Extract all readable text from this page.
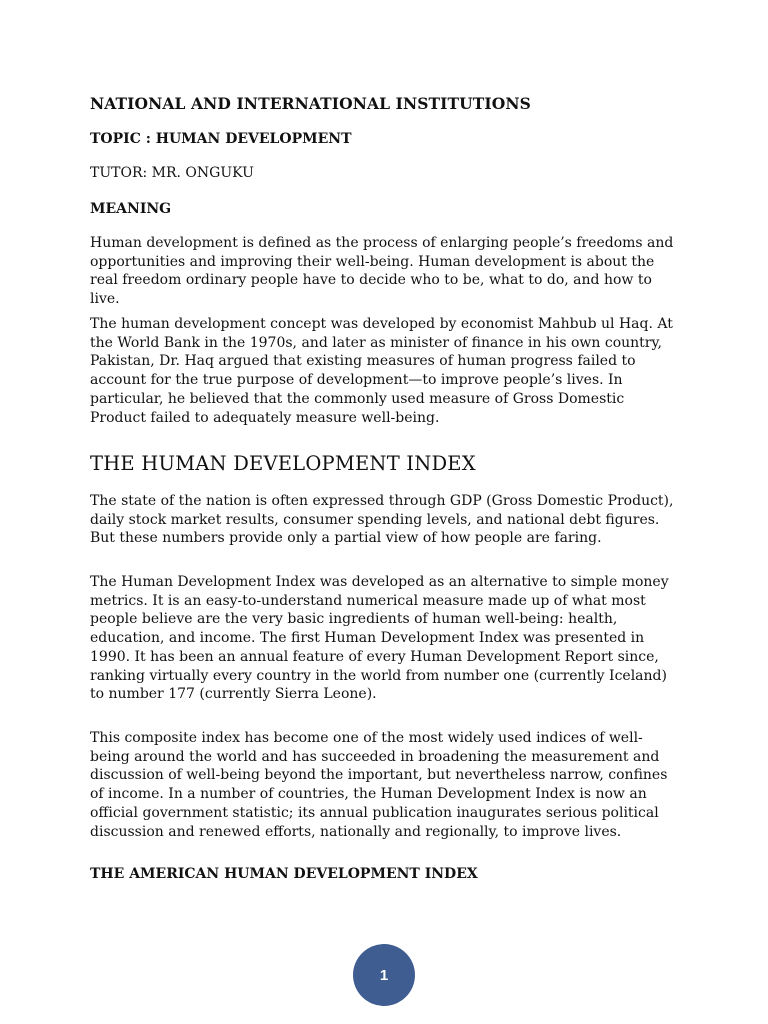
NATIONAL AND INTERNATIONAL INSTITUTIONS

TOPIC : HUMAN DEVELOPMENT

TUTOR: MR. ONGUKU

MEANING

Human development is defined as the process of enlarging people’s freedoms and opportunities and improving their well-being. Human development is about the real freedom ordinary people have to decide who to be, what to do, and how to live.

The human development concept was developed by economist Mahbub ul Haq. At the World Bank in the 1970s, and later as minister of finance in his own country, Pakistan, Dr. Haq argued that existing measures of human progress failed to account for the true purpose of development—to improve people’s lives. In particular, he believed that the commonly used measure of Gross Domestic Product failed to adequately measure well-being.

THE HUMAN DEVELOPMENT INDEX

The state of the nation is often expressed through GDP (Gross Domestic Product), daily stock market results, consumer spending levels, and national debt figures. But these numbers provide only a partial view of how people are faring.

The Human Development Index was developed as an alternative to simple money metrics. It is an easy-to-understand numerical measure made up of what most people believe are the very basic ingredients of human well-being: health, education, and income. The first Human Development Index was presented in 1990. It has been an annual feature of every Human Development Report since, ranking virtually every country in the world from number one (currently Iceland) to number 177 (currently Sierra Leone).

This composite index has become one of the most widely used indices of well-being around the world and has succeeded in broadening the measurement and discussion of well-being beyond the important, but nevertheless narrow, confines of income. In a number of countries, the Human Development Index is now an official government statistic; its annual publication inaugurates serious political discussion and renewed efforts, nationally and regionally, to improve lives.

THE AMERICAN HUMAN DEVELOPMENT INDEX

1
